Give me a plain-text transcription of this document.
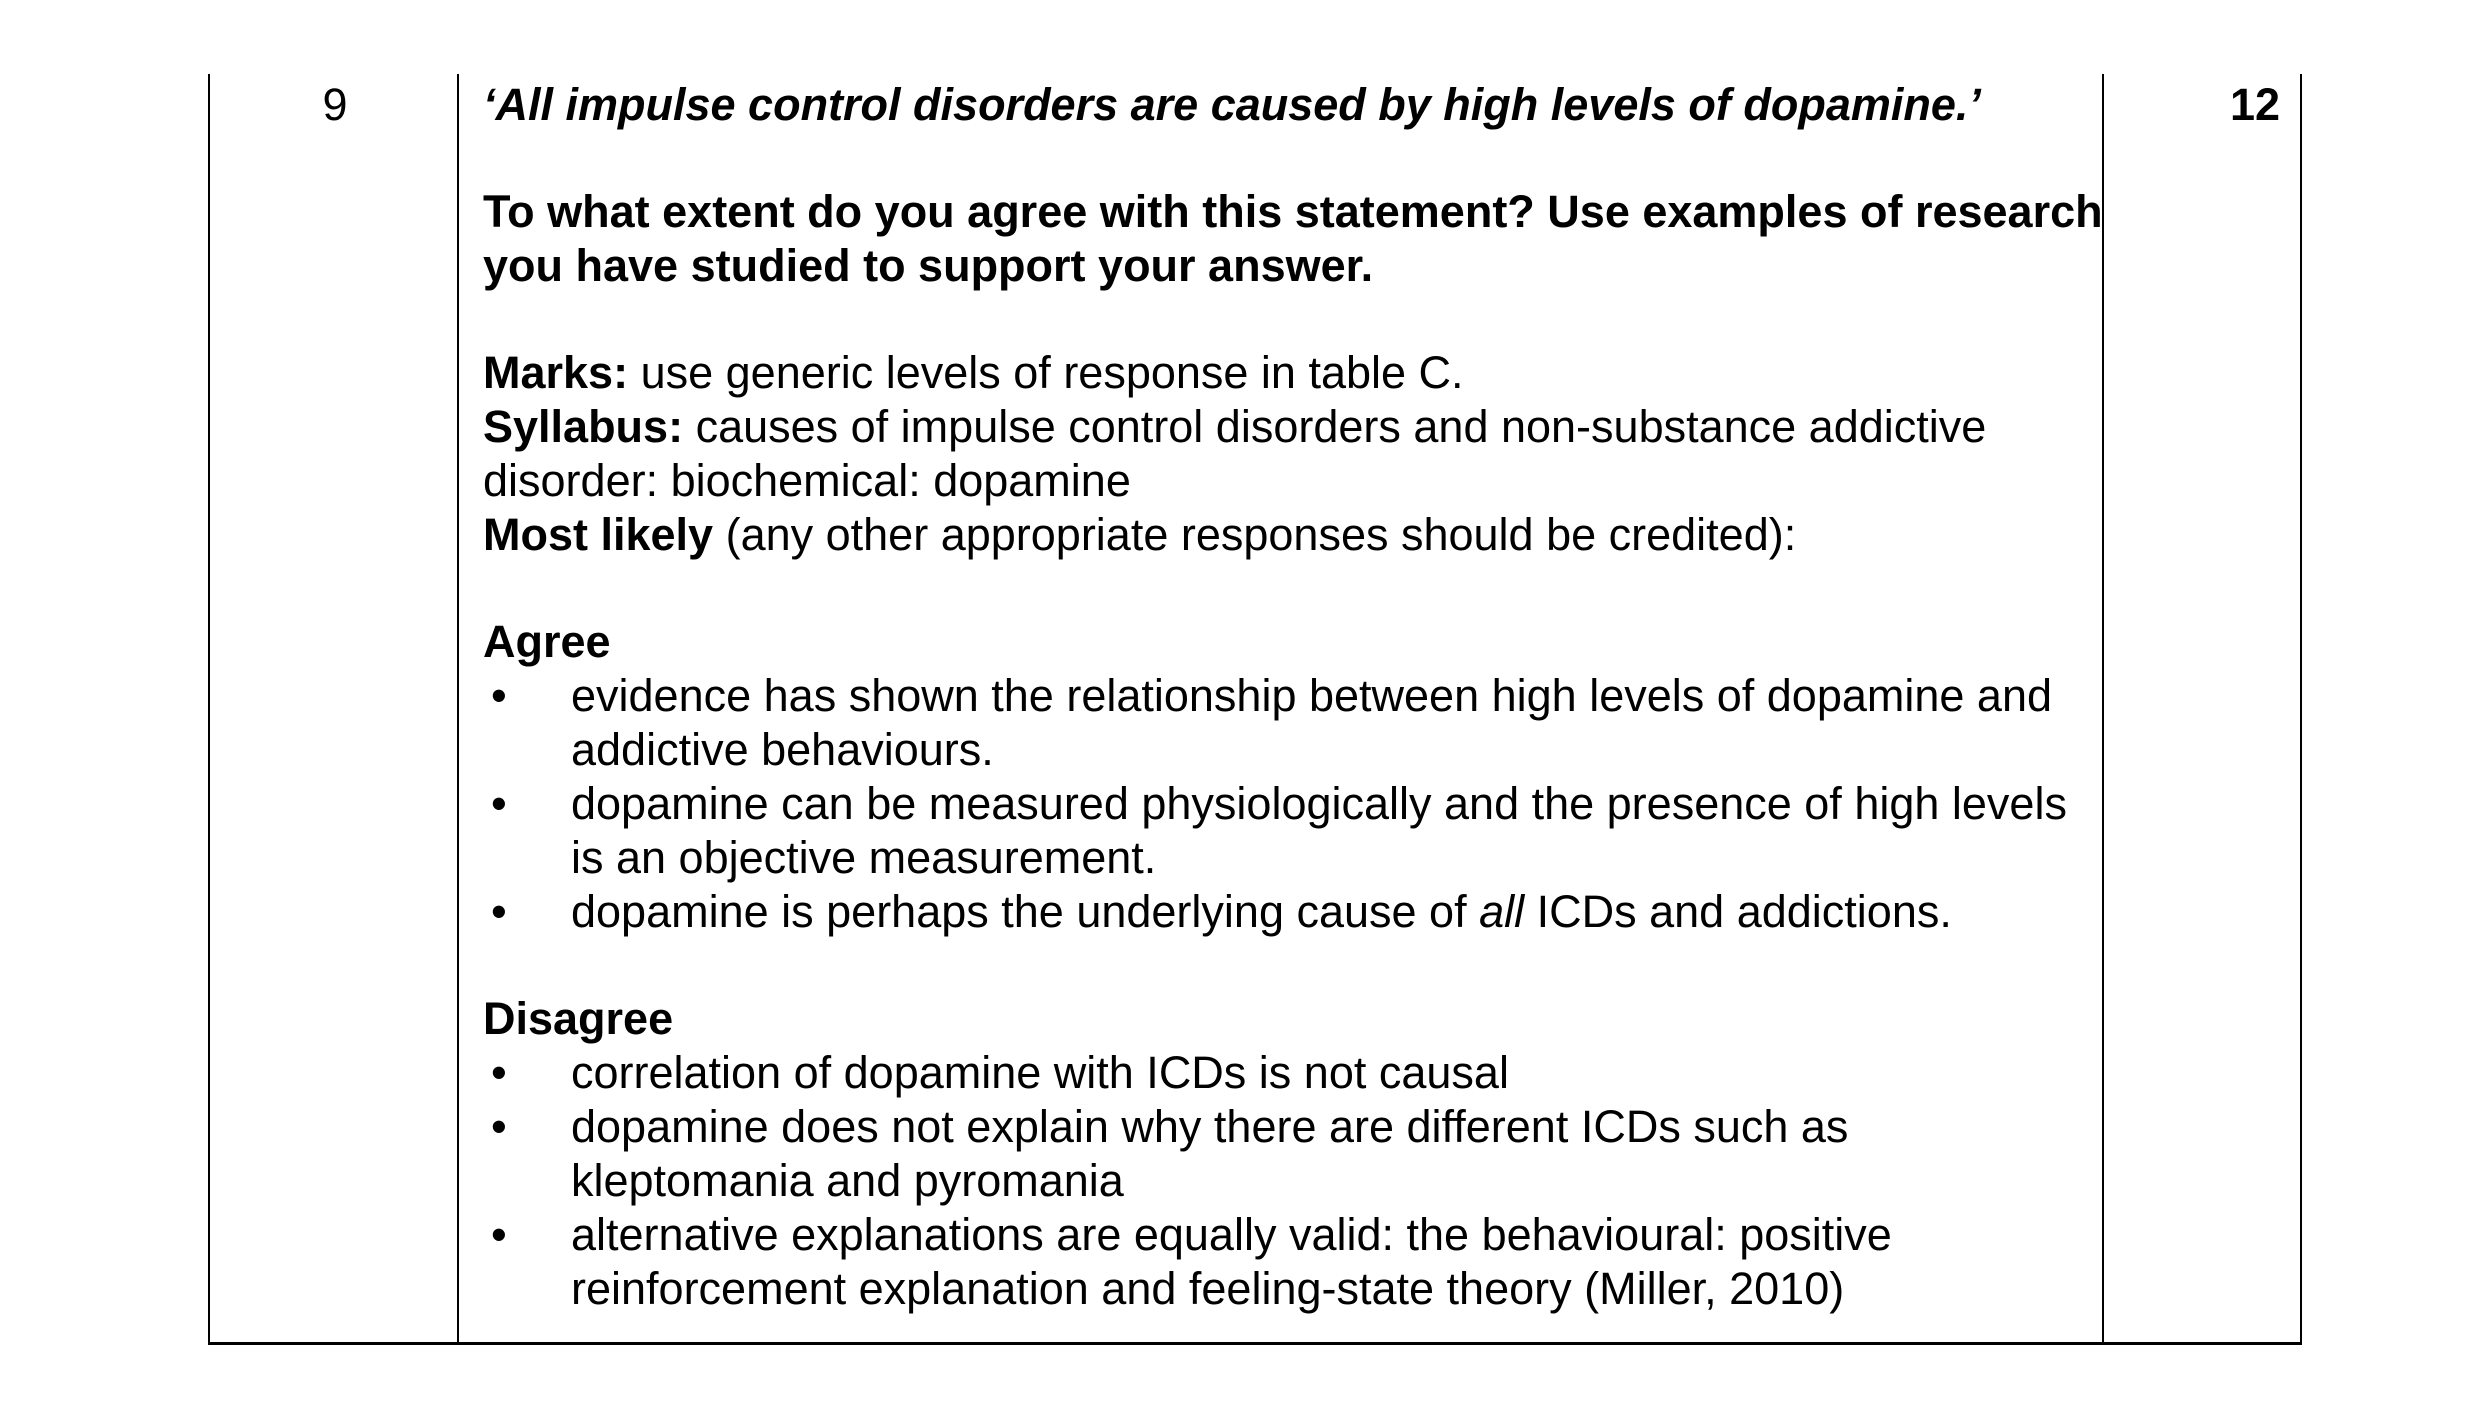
9	‘All impulse control disorders are caused by high levels of dopamine.’

To what extent do you agree with this statement? Use examples of research you have studied to support your answer.

Marks: use generic levels of response in table C.

Syllabus: causes of impulse control disorders and non-substance addictive disorder: biochemical: dopamine

Most likely (any other appropriate responses should be credited):

Agree

• evidence has shown the relationship between high levels of dopamine and addictive behaviours.
• dopamine can be measured physiologically and the presence of high levels is an objective measurement.
• dopamine is perhaps the underlying cause of all ICDs and addictions.

Disagree

• correlation of dopamine with ICDs is not causal
• dopamine does not explain why there are different ICDs such as kleptomania and pyromania
• alternative explanations are equally valid: the behavioural: positive reinforcement explanation and feeling-state theory (Miller, 2010)
12
